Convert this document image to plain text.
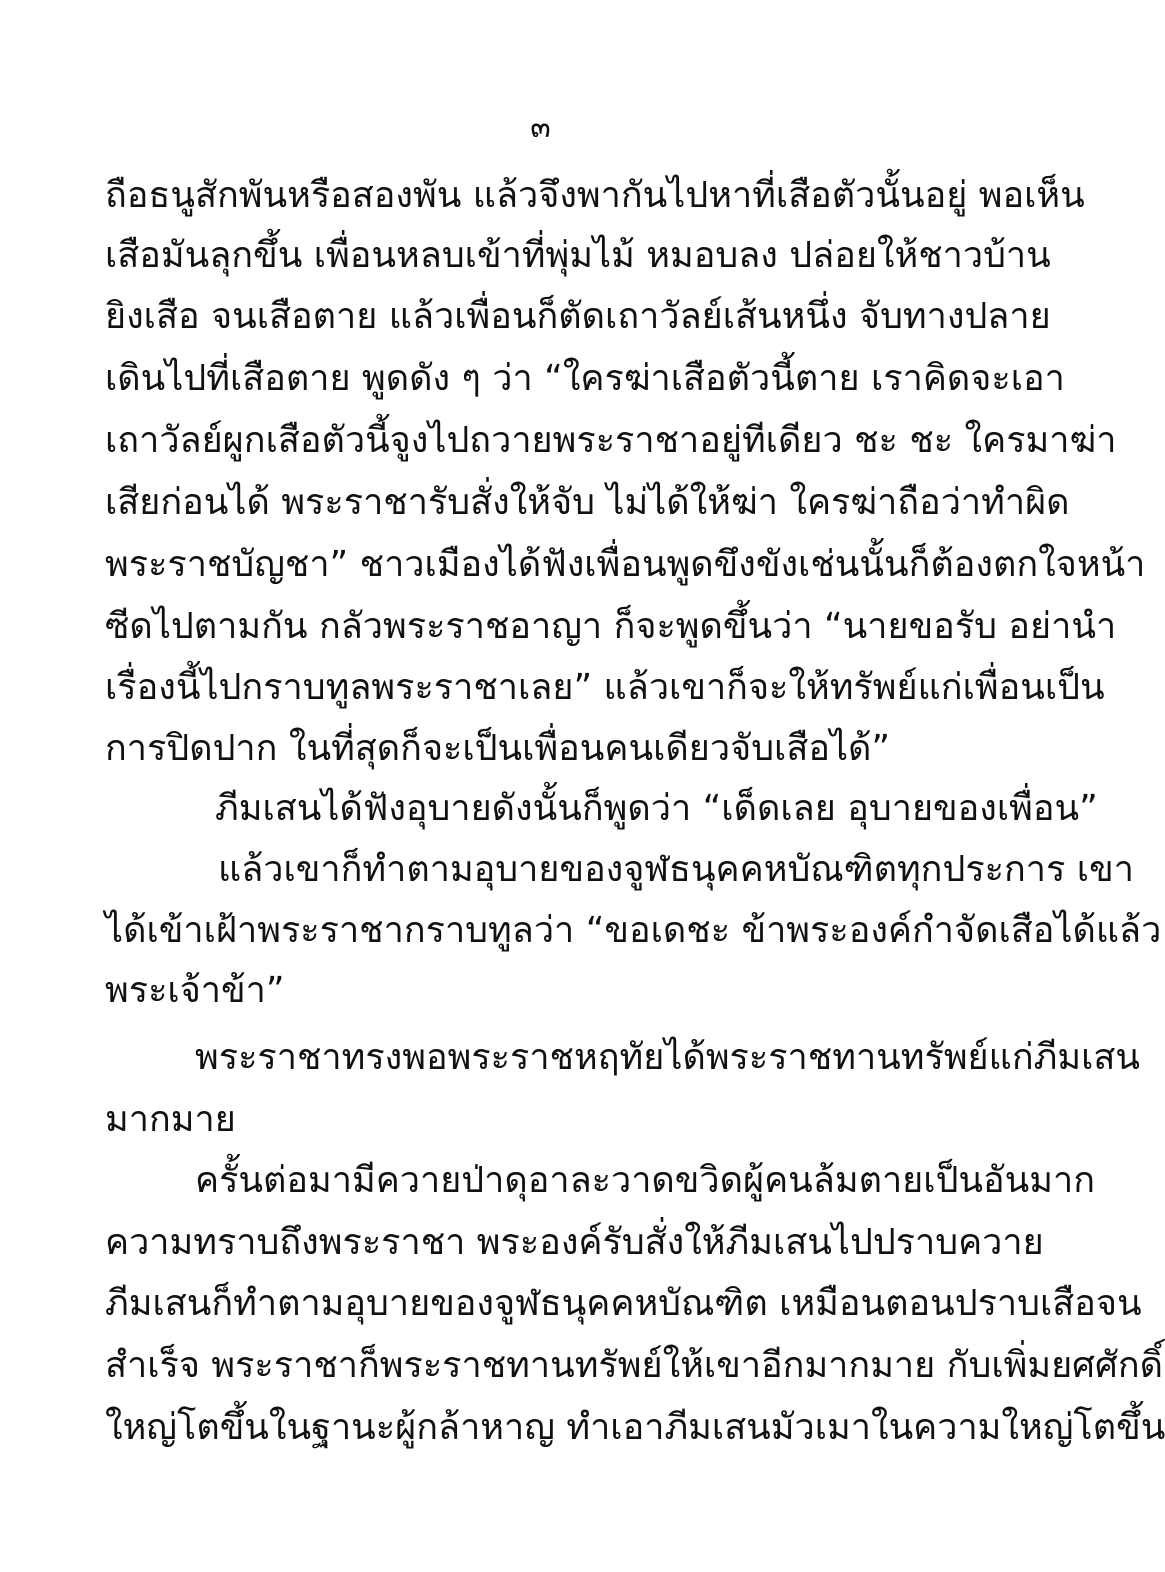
๓
ถือธนูสักพันหรือสองพัน แล้วจึงพากันไปหาที่เสือตัวนั้นอยู่ พอเห็น
เสือมันลุกขึ้น เพื่อนหลบเข้าที่พุ่มไม้ หมอบลง ปล่อยให้ชาวบ้าน
ยิงเสือ จนเสือตาย แล้วเพื่อนก็ตัดเถาวัลย์เส้นหนึ่ง จับทางปลาย
เดินไปที่เสือตาย พูดดัง ๆ ว่า “ใครฆ่าเสือตัวนี้ตาย เราคิดจะเอา
เถาวัลย์ผูกเสือตัวนี้จูงไปถวายพระราชาอยู่ทีเดียว ชะ ชะ ใครมาฆ่า
เสียก่อนได้ พระราชารับสั่งให้จับ ไม่ได้ให้ฆ่า ใครฆ่าถือว่าทำผิด
พระราชบัญชา” ชาวเมืองได้ฟังเพื่อนพูดขึงขังเช่นนั้นก็ต้องตกใจหน้า
ซีดไปตามกัน กลัวพระราชอาญา ก็จะพูดขึ้นว่า “นายขอรับ อย่านำ
เรื่องนี้ไปกราบทูลพระราชาเลย” แล้วเขาก็จะให้ทรัพย์แก่เพื่อนเป็น
การปิดปาก ในที่สุดก็จะเป็นเพื่อนคนเดียวจับเสือได้”
ภีมเสนได้ฟังอุบายดังนั้นก็พูดว่า “เด็ดเลย อุบายของเพื่อน”
แล้วเขาก็ทำตามอุบายของจูฬธนุคคหบัณฑิตทุกประการ เขา
ได้เข้าเฝ้าพระราชากราบทูลว่า “ขอเดชะ ข้าพระองค์กำจัดเสือได้แล้ว
พระเจ้าข้า”
พระราชาทรงพอพระราชหฤทัยได้พระราชทานทรัพย์แก่ภีมเสน
มากมาย
ครั้นต่อมามีควายป่าดุอาละวาดขวิดผู้คนล้มตายเป็นอันมาก
ความทราบถึงพระราชา พระองค์รับสั่งให้ภีมเสนไปปราบควาย
ภีมเสนก็ทำตามอุบายของจูฬธนุคคหบัณฑิต เหมือนตอนปราบเสือจน
สำเร็จ พระราชาก็พระราชทานทรัพย์ให้เขาอีกมากมาย กับเพิ่มยศศักดิ์
ใหญ่โตขึ้นในฐานะผู้กล้าหาญ ทำเอาภีมเสนมัวเมาในความใหญ่โตขึ้น
